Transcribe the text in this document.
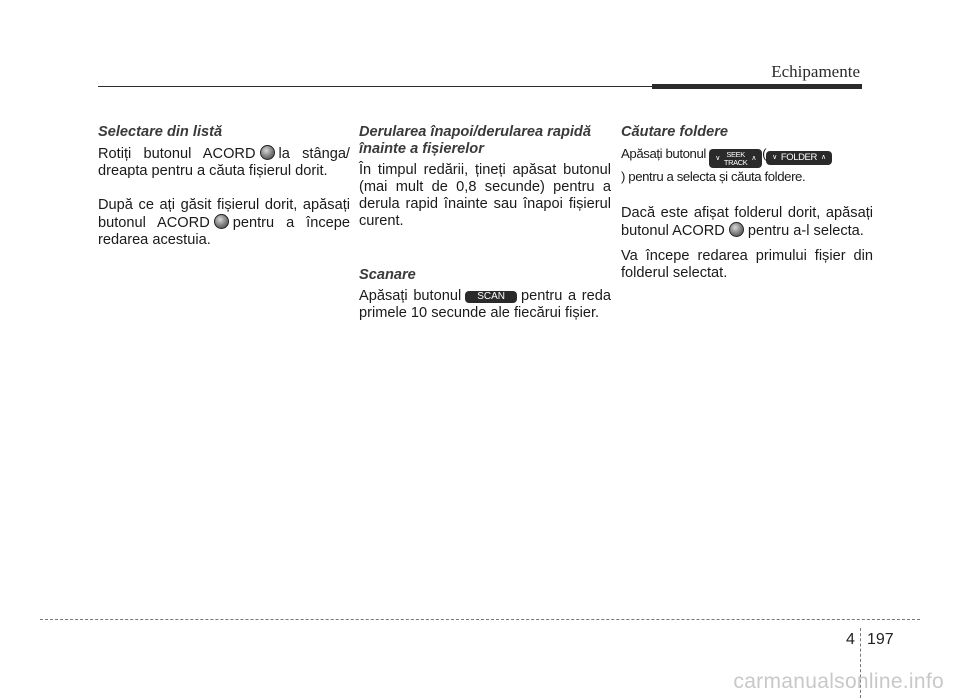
Echipamente
Selectare din listă
Rotiți butonul ACORD la stânga/ dreapta pentru a căuta fișierul dorit.
După ce ați găsit fișierul dorit, apăsați butonul ACORD pentru a începe redarea acestuia.
Derularea înapoi/derularea rapidă înainte a fișierelor
În timpul redării, țineți apăsat butonul (mai mult de 0,8 secunde) pentru a derula rapid înainte sau înapoi fișierul curent.
Scanare
Apăsați butonul SCAN pentru a reda primele 10 secunde ale fiecărui fișier.
Căutare foldere
Apăsați butonul ∨ SEEK
TRACK ∧ ( ∨ FOLDER ∧

) pentru a selecta și căuta foldere.
Dacă este afișat folderul dorit, apăsați butonul ACORD pentru a-l selecta.
Va începe redarea primului fișier din folderul selectat.
4 197
carmanualsonline.info
